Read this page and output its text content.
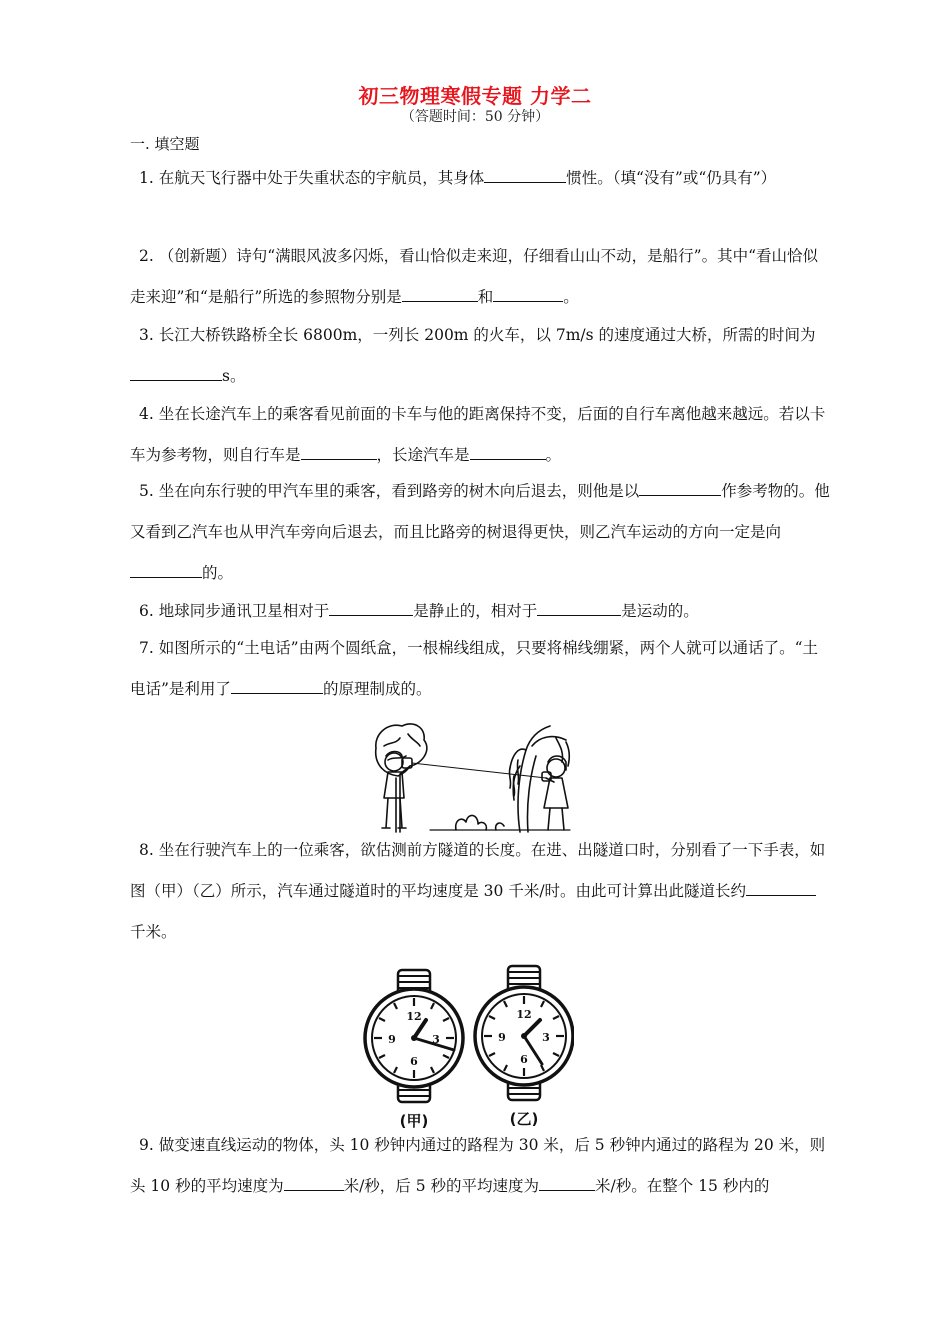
初三物理寒假专题 力学二
（答题时间：50 分钟）
一. 填空题

1. 在航天飞行器中处于失重状态的宇航员，其身体	惯性。（填“没有”或“仍具有”）

2. （创新题）诗句“满眼风波多闪烁，看山恰似走来迎，仔细看山山不动，是船行”。其中“看山恰似走来迎”和“是船行”所选的参照物分别是	和	。

3. 长江大桥铁路桥全长 6800m，一列长 200m 的火车，以 7m/s 的速度通过大桥，所需的时间为s。

4. 坐在长途汽车上的乘客看见前面的卡车与他的距离保持不变，后面的自行车离他越来越远。若以卡车为参考物，则自行车是	，长途汽车是	。

5. 坐在向东行驶的甲汽车里的乘客，看到路旁的树木向后退去，则他是以	作参考物的。他又看到乙汽车也从甲汽车旁向后退去，而且比路旁的树退得更快，则乙汽车运动的方向一定是向的。

6. 地球同步通讯卫星相对于	是静止的，相对于	是运动的。

7. 如图所示的“土电话”由两个圆纸盒，一根棉线组成，只要将棉线绷紧，两个人就可以通话了。“土电话”是利用了	的原理制成的。

8. 坐在行驶汽车上的一位乘客，欲估测前方隧道的长度。在进、出隧道口时，分别看了一下手表，如图（甲）（乙）所示，汽车通过隧道时的平均速度是 30 千米/时。由此可计算出此隧道长约千米。

12
3
6
9
(甲)
12
3
6
9
(乙)

9. 做变速直线运动的物体，头 10 秒钟内通过的路程为 30 米，后 5 秒钟内通过的路程为 20 米，则头 10 秒的平均速度为	米/秒，后 5 秒的平均速度为	米/秒。在整个 15 秒内的
